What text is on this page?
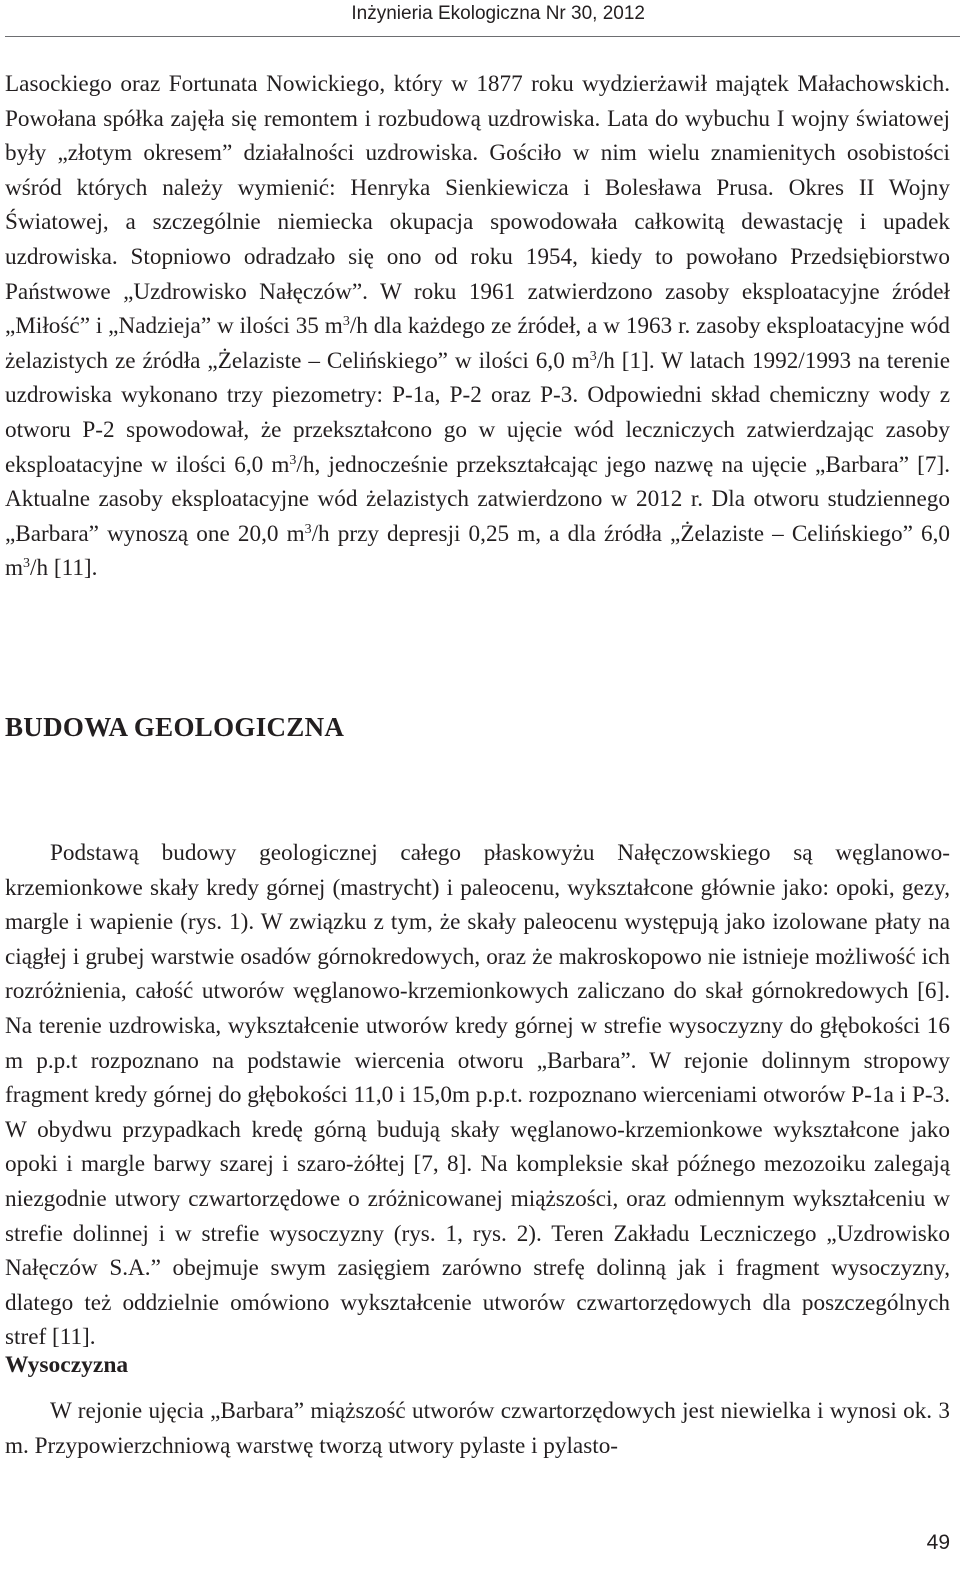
Inżynieria Ekologiczna Nr 30, 2012

Lasockiego oraz Fortunata Nowickiego, który w 1877 roku wydzierżawił majątek Małachowskich. Powołana spółka zajęła się remontem i rozbudową uzdrowiska. Lata do wybuchu I wojny światowej były „złotym okresem” działalności uzdrowiska. Gościło w nim wielu znamienitych osobistości wśród których należy wymienić: Henryka Sienkiewicza i Bolesława Prusa. Okres II Wojny Światowej, a szczególnie niemiecka okupacja spowodowała całkowitą dewastację i upadek uzdrowiska. Stopniowo odradzało się ono od roku 1954, kiedy to powołano Przedsiębiorstwo Państwowe „Uzdrowisko Nałęczów”. W roku 1961 zatwierdzono zasoby eksploatacyjne źródeł „Miłość” i „Nadzieja” w ilości 35 $m^3/h$ dla każdego ze źródeł, a w 1963 r. zasoby eksploatacyjne wód żelazistych ze źródła „Żelaziste – Celińskiego” w ilości 6,0 $m^3/h$ [1]. W latach 1992/1993 na terenie uzdrowiska wykonano trzy piezometry: P-1a, P-2 oraz P-3. Odpowiedni skład chemiczny wody z otworu P-2 spowodował, że przekształcono go w ujęcie wód leczniczych zatwierdzając zasoby eksploatacyjne w ilości 6,0 $m^3/h$, jednocześnie przekształcając jego nazwę na ujęcie „Barbara” [7]. Aktualne zasoby eksploatacyjne wód żelazistych zatwierdzono w 2012 r. Dla otworu studziennego „Barbara” wynoszą one 20,0 $m^3/h$ przy depresji 0,25 m, a dla źródła „Żelaziste – Celińskiego” 6,0 $m^3/h$ [11].

BUDOWA GEOLOGICZNA

Podstawą budowy geologicznej całego płaskowyżu Nałęczowskiego są węglanowo-krzemionkowe skały kredy górnej (mastrycht) i paleocenu, wykształcone głównie jako: opoki, gezy, margle i wapienie (rys. 1). W związku z tym, że skały paleocenu występują jako izolowane płaty na ciągłej i grubej warstwie osadów górnokredowych, oraz że makroskopowo nie istnieje możliwość ich rozróżnienia, całość utworów węglanowo-krzemionkowych zaliczano do skał górnokredowych [6]. Na terenie uzdrowiska, wykształcenie utworów kredy górnej w strefie wysoczyzny do głębokości 16 m p.p.t rozpoznano na podstawie wiercenia otworu „Barbara”. W rejonie dolinnym stropowy fragment kredy górnej do głębokości 11,0 i 15,0m p.p.t. rozpoznano wierceniami otworów P-1a i P-3. W obydwu przypadkach kredę górną budują skały węglanowo-krzemionkowe wykształcone jako opoki i margle barwy szarej i szaro-żółtej [7, 8]. Na kompleksie skał późnego mezozoiku zalegają niezgodnie utwory czwartorzędowe o zróżnicowanej miąższości, oraz odmiennym wykształceniu w strefie dolinnej i w strefie wysoczyzny (rys. 1, rys. 2). Teren Zakładu Leczniczego „Uzdrowisko Nałęczów S.A.” obejmuje swym zasięgiem zarówno strefę dolinną jak i fragment wysoczyzny, dlatego też oddzielnie omówiono wykształcenie utworów czwartorzędowych dla poszczególnych stref [11].

Wysoczyzna

W rejonie ujęcia „Barbara” miąższość utworów czwartorzędowych jest niewielka i wynosi ok. 3 m. Przypowierzchniową warstwę tworzą utwory pylaste i pylasto-

49
